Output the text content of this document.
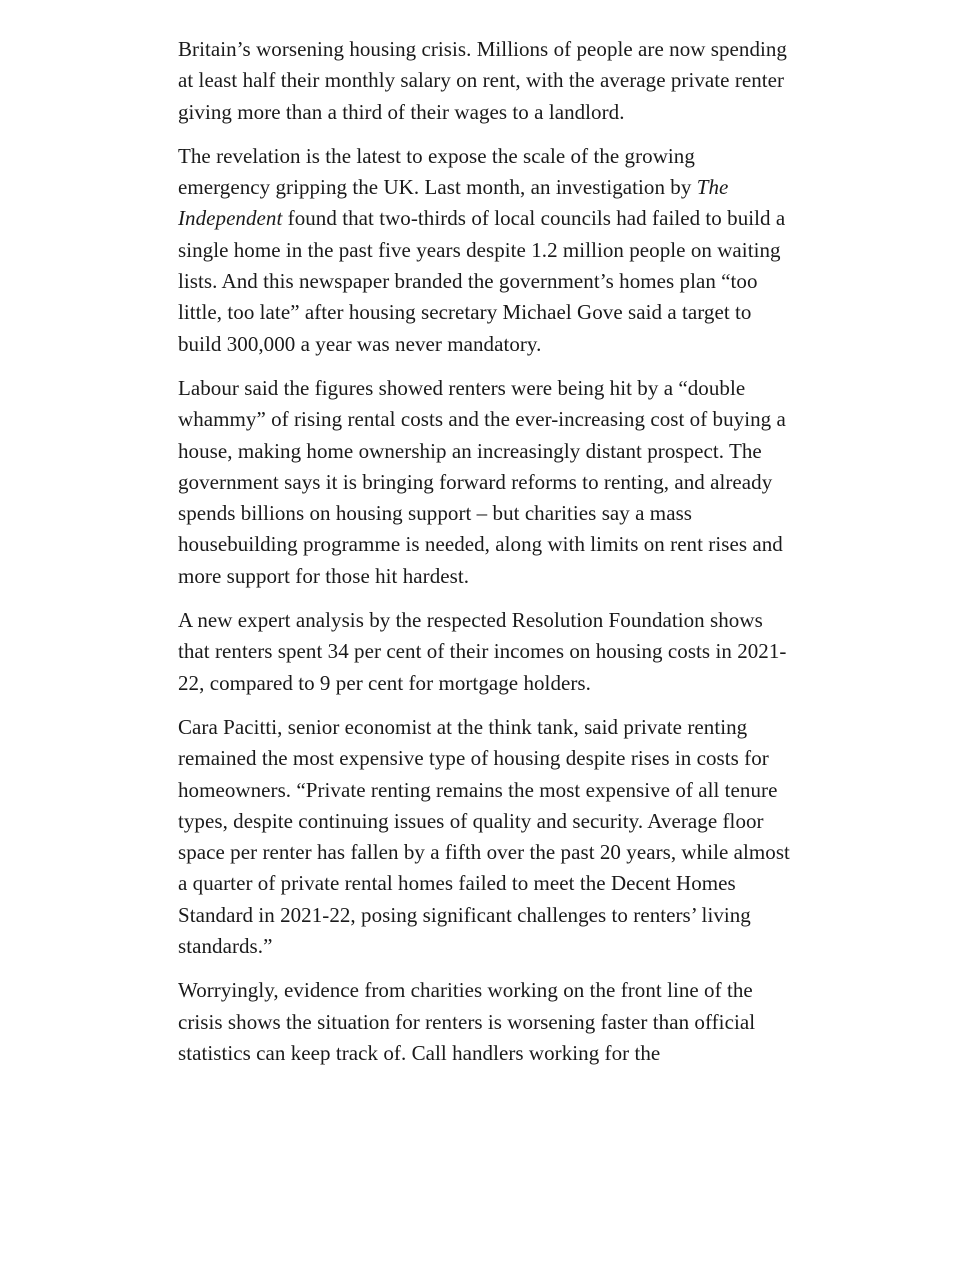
Britain’s worsening housing crisis. Millions of people are now spending at least half their monthly salary on rent, with the average private renter giving more than a third of their wages to a landlord.

The revelation is the latest to expose the scale of the growing emergency gripping the UK. Last month, an investigation by The Independent found that two-thirds of local councils had failed to build a single home in the past five years despite 1.2 million people on waiting lists. And this newspaper branded the government’s homes plan “too little, too late” after housing secretary Michael Gove said a target to build 300,000 a year was never mandatory.

Labour said the figures showed renters were being hit by a “double whammy” of rising rental costs and the ever-increasing cost of buying a house, making home ownership an increasingly distant prospect. The government says it is bringing forward reforms to renting, and already spends billions on housing support – but charities say a mass housebuilding programme is needed, along with limits on rent rises and more support for those hit hardest.

A new expert analysis by the respected Resolution Foundation shows that renters spent 34 per cent of their incomes on housing costs in 2021-22, compared to 9 per cent for mortgage holders.

Cara Pacitti, senior economist at the think tank, said private renting remained the most expensive type of housing despite rises in costs for homeowners. “Private renting remains the most expensive of all tenure types, despite continuing issues of quality and security. Average floor space per renter has fallen by a fifth over the past 20 years, while almost a quarter of private rental homes failed to meet the Decent Homes Standard in 2021-22, posing significant challenges to renters’ living standards.”

Worryingly, evidence from charities working on the front line of the crisis shows the situation for renters is worsening faster than official statistics can keep track of. Call handlers working for the
